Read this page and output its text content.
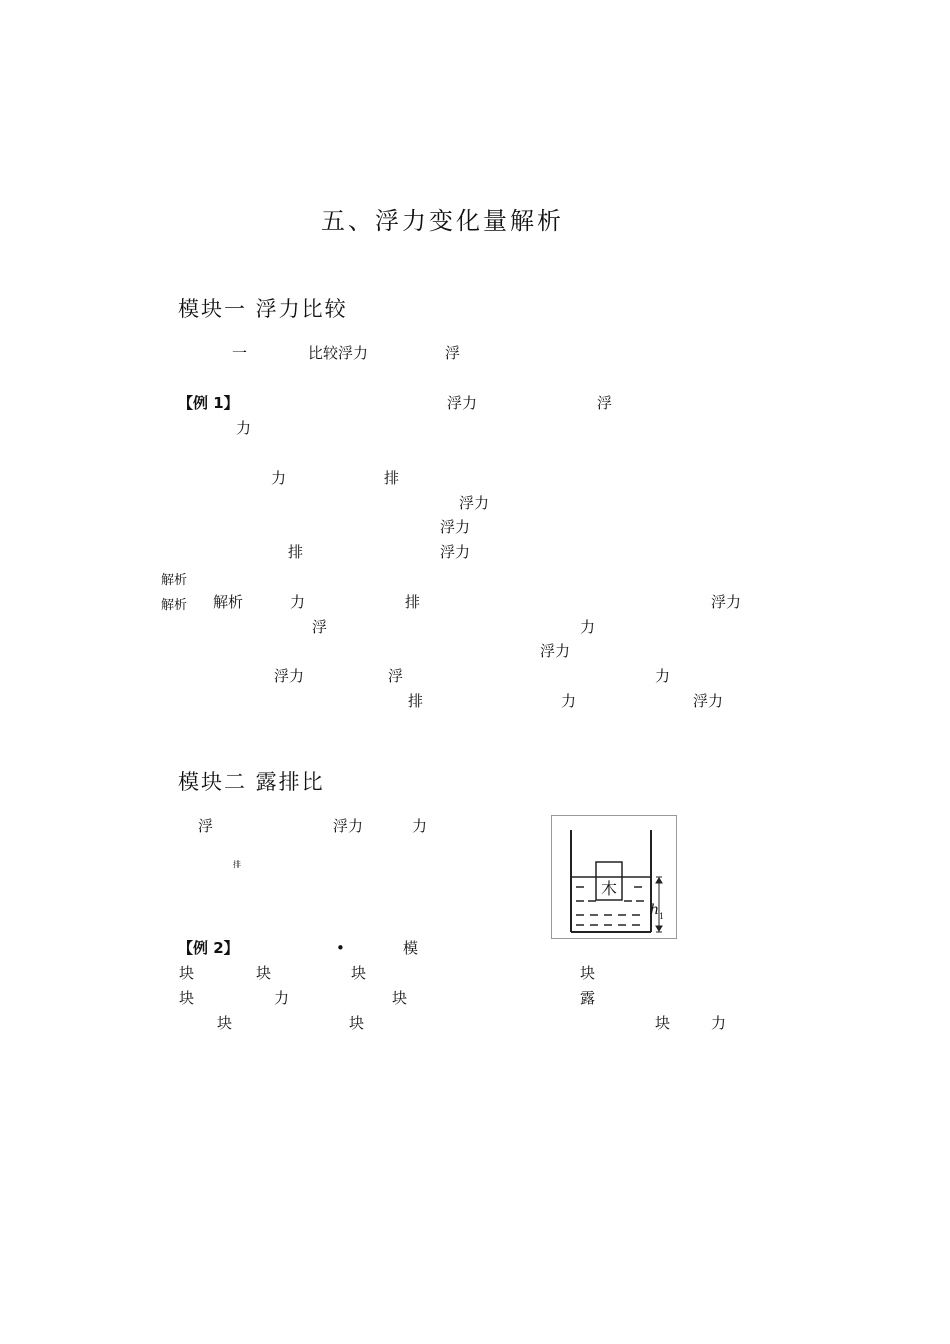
五、浮力变化量解析
模块一 浮力比较
一	比较浮力	浮
【例 1】	浮力	浮
力
力	排
浮力
浮力
排	浮力
解析
解析 解析	力	排	浮力
浮	力
浮力
浮力	浮	力
排	力	浮力
模块二 露排比
浮	浮力	力
排
木
h 1
【例 2】	•	模
块	块	块	块
块	力	块	露
块	块	块	力
